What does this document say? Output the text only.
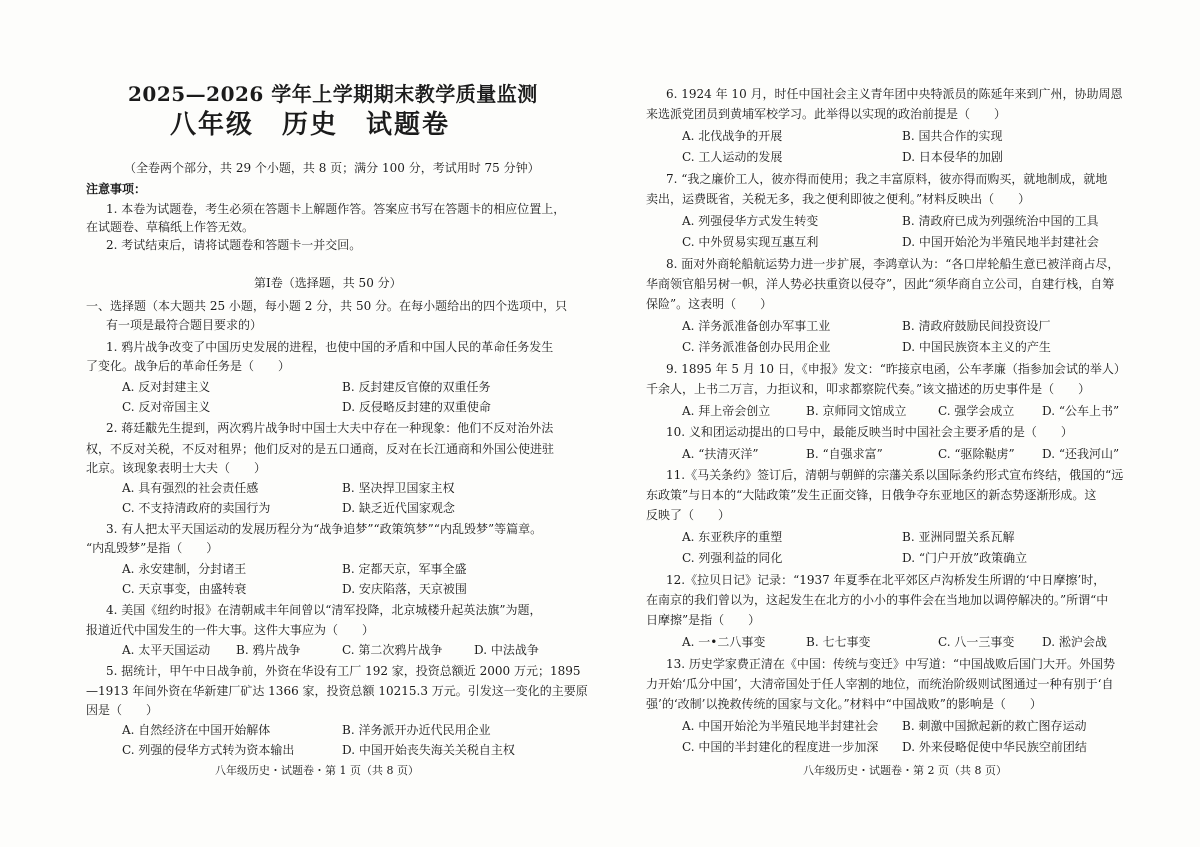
2025—2026 学年上学期期末教学质量监测
八年级　历史　试题卷
（全卷两个部分，共 29 个小题，共 8 页；满分 100 分，考试用时 75 分钟）
注意事项：
1. 本卷为试题卷，考生必须在答题卡上解题作答。答案应书写在答题卡的相应位置上，
在试题卷、草稿纸上作答无效。
2. 考试结束后，请将试题卷和答题卡一并交回。
第Ⅰ卷（选择题，共 50 分）
一、选择题（本大题共 25 小题，每小题 2 分，共 50 分。在每小题给出的四个选项中，只
有一项是最符合题目要求的）
1. 鸦片战争改变了中国历史发展的进程，也使中国的矛盾和中国人民的革命任务发生
了变化。战争后的革命任务是（　　）
A. 反对封建主义	B. 反封建反官僚的双重任务
C. 反对帝国主义	D. 反侵略反封建的双重使命
2. 蒋廷黻先生提到，两次鸦片战争时中国士大夫中存在一种现象：他们不反对治外法
权，不反对关税，不反对租界；他们反对的是五口通商，反对在长江通商和外国公使进驻
北京。该现象表明士大夫（　　）
A. 具有强烈的社会责任感	B. 坚决捍卫国家主权
C. 不支持清政府的卖国行为	D. 缺乏近代国家观念
3. 有人把太平天国运动的发展历程分为“战争追梦”“政策筑梦”“内乱毁梦”等篇章。
“内乱毁梦”是指（　　）
A. 永安建制，分封诸王	B. 定都天京，军事全盛
C. 天京事变，由盛转衰	D. 安庆陷落，天京被围
4. 美国《纽约时报》在清朝咸丰年间曾以“清军投降，北京城楼升起英法旗”为题，
报道近代中国发生的一件大事。这件大事应为（　　）
A. 太平天国运动 B. 鸦片战争	C. 第二次鸦片战争	D. 中法战争
5. 据统计，甲午中日战争前，外资在华设有工厂 192 家，投资总额近 2000 万元；1895
—1913 年间外资在华新建厂矿达 1366 家，投资总额 10215.3 万元。引发这一变化的主要原
因是（　　）
A. 自然经济在中国开始解体	B. 洋务派开办近代民用企业
C. 列强的侵华方式转为资本输出	D. 中国开始丧失海关关税自主权
八年级历史・试题卷・第 1 页（共 8 页）
6. 1924 年 10 月，时任中国社会主义青年团中央特派员的陈延年来到广州，协助周恩
来选派党团员到黄埔军校学习。此举得以实现的政治前提是（　　）
A. 北伐战争的开展	B. 国共合作的实现
C. 工人运动的发展	D. 日本侵华的加剧
7. “我之廉价工人，彼亦得而使用；我之丰富原料，彼亦得而购买，就地制成，就地
卖出，运费既省，关税无多，我之便利即彼之便利。”材料反映出（　　）
A. 列强侵华方式发生转变	B. 清政府已成为列强统治中国的工具
C. 中外贸易实现互惠互利	D. 中国开始沦为半殖民地半封建社会
8. 面对外商轮船航运势力进一步扩展，李鸿章认为：“各口岸轮船生意已被洋商占尽，
华商领官船另树一帜，洋人势必扶重资以侵夺”，因此“须华商自立公司，自建行栈，自筹
保险”。这表明（　　）
A. 洋务派准备创办军事工业	B. 清政府鼓励民间投资设厂
C. 洋务派准备创办民用企业	D. 中国民族资本主义的产生
9. 1895 年 5 月 10 日，《申报》发文：“昨接京电函，公车孝廉（指参加会试的举人）
千余人，上书二万言，力拒议和，叩求都察院代奏。”该文描述的历史事件是（　　）
A. 拜上帝会创立	B. 京师同文馆成立	C. 强学会成立 D. “公车上书”
10. 义和团运动提出的口号中，最能反映当时中国社会主要矛盾的是（　　）
A. “扶清灭洋”	B. “自强求富”	C. “驱除鞑虏” D. “还我河山”
11.《马关条约》签订后，清朝与朝鲜的宗藩关系以国际条约形式宣布终结，俄国的“远
东政策”与日本的“大陆政策”发生正面交锋，日俄争夺东亚地区的新态势逐渐形成。这
反映了（　　）
A. 东亚秩序的重塑	B. 亚洲同盟关系瓦解
C. 列强利益的同化	D. “门户开放”政策确立
12.《拉贝日记》记录：“1937 年夏季在北平郊区卢沟桥发生所谓的‘中日摩擦’时，
在南京的我们曾以为，这起发生在北方的小小的事件会在当地加以调停解决的。”所谓“中
日摩擦”是指（　　）
A. 一•二八事变	B. 七七事变	C. 八一三事变 D. 淞沪会战
13. 历史学家费正清在《中国：传统与变迁》中写道：“中国战败后国门大开。外国势
力开始‘瓜分中国’，大清帝国处于任人宰割的地位，而统治阶级则试图通过一种有别于‘自
强’的‘改制’以挽救传统的国家与文化。”材料中“中国战败”的影响是（　　）
A. 中国开始沦为半殖民地半封建社会 B. 刺激中国掀起新的救亡图存运动
C. 中国的半封建化的程度进一步加深 D. 外来侵略促使中华民族空前团结
八年级历史・试题卷・第 2 页（共 8 页）
